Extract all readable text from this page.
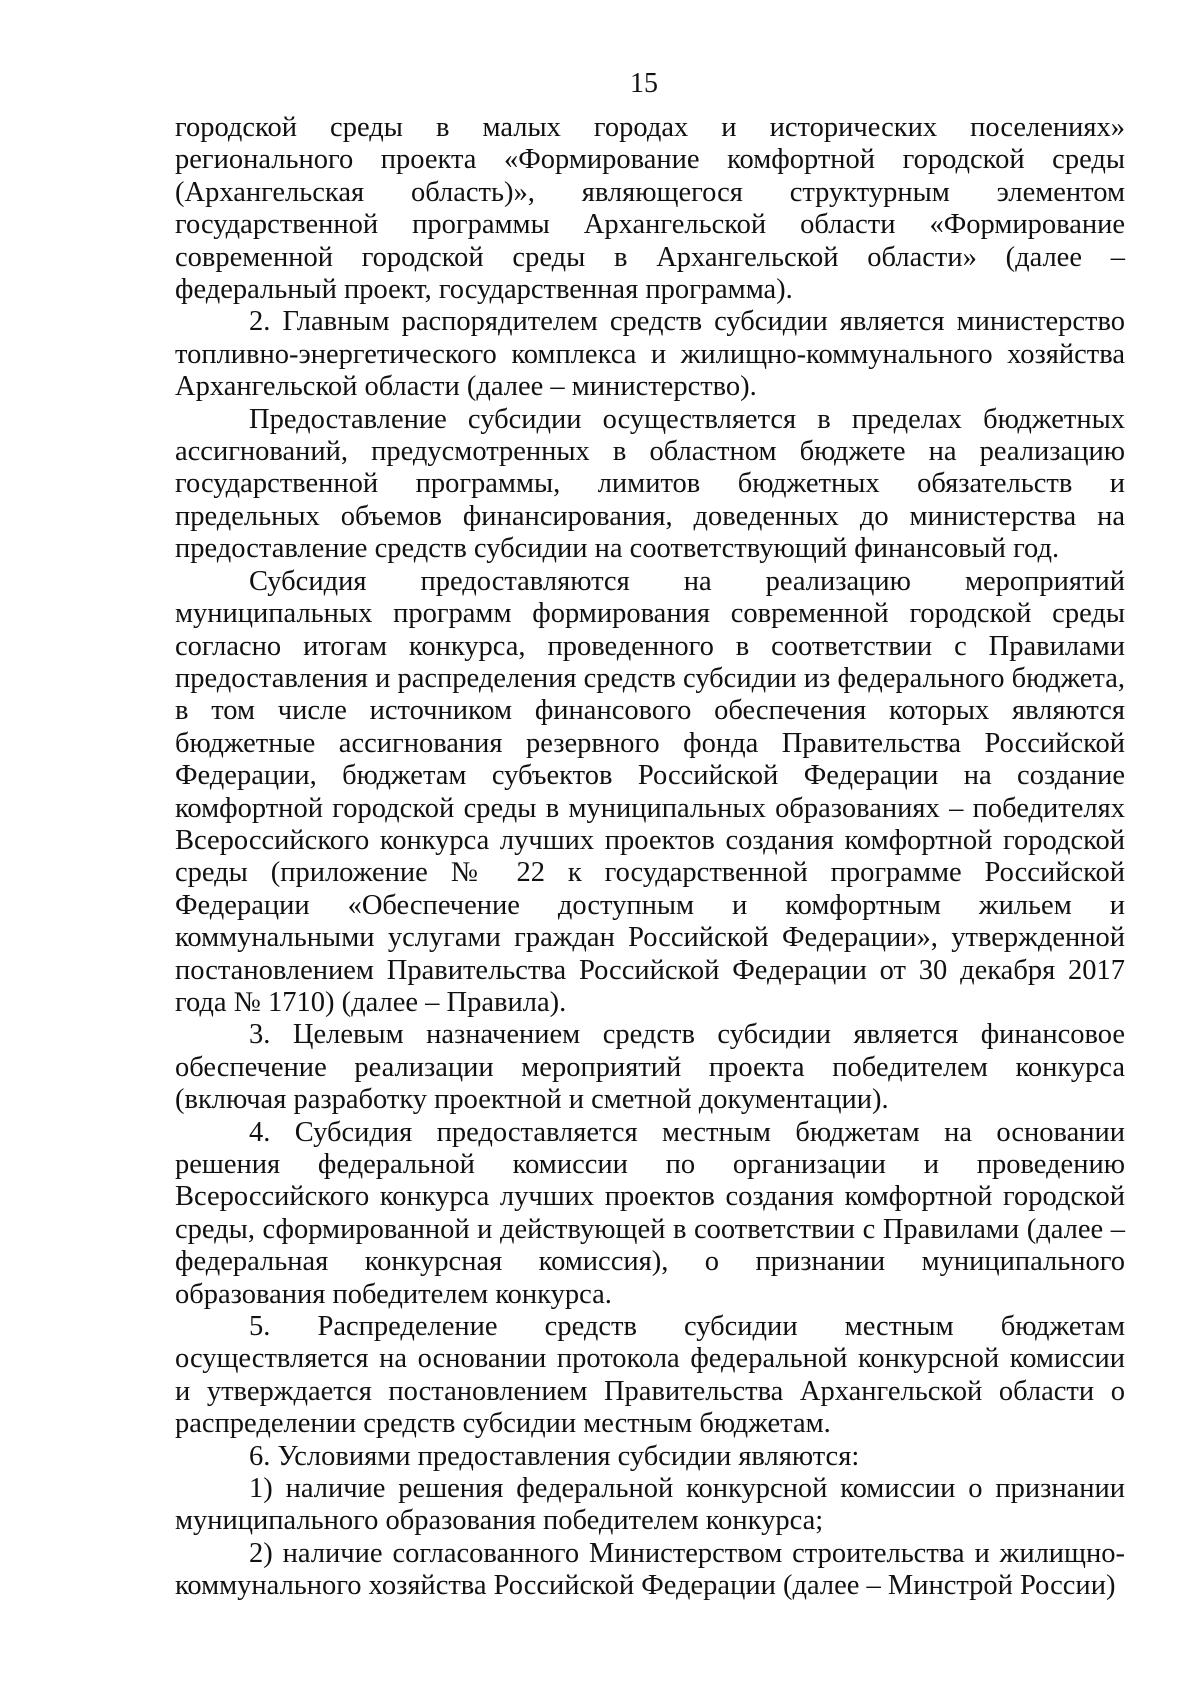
15

городской среды в малых городах и исторических поселениях» регионального проекта «Формирование комфортной городской среды (Архангельская область)», являющегося структурным элементом государственной программы Архангельской области «Формирование современной городской среды в Архангельской области» (далее – федеральный проект, государственная программа).

2. Главным распорядителем средств субсидии является министерство топливно-энергетического комплекса и жилищно-коммунального хозяйства Архангельской области (далее – министерство).

Предоставление субсидии осуществляется в пределах бюджетных ассигнований, предусмотренных в областном бюджете на реализацию государственной программы, лимитов бюджетных обязательств и предельных объемов финансирования, доведенных до министерства на предоставление средств субсидии на соответствующий финансовый год.

Субсидия предоставляются на реализацию мероприятий муниципальных программ формирования современной городской среды согласно итогам конкурса, проведенного в соответствии с Правилами предоставления и распределения средств субсидии из федерального бюджета, в том числе источником финансового обеспечения которых являются бюджетные ассигнования резервного фонда Правительства Российской Федерации, бюджетам субъектов Российской Федерации на создание комфортной городской среды в муниципальных образованиях – победителях Всероссийского конкурса лучших проектов создания комфортной городской среды (приложение № 22 к государственной программе Российской Федерации «Обеспечение доступным и комфортным жильем и коммунальными услугами граждан Российской Федерации», утвержденной постановлением Правительства Российской Федерации от 30 декабря 2017 года № 1710) (далее – Правила).

3. Целевым назначением средств субсидии является финансовое обеспечение реализации мероприятий проекта победителем конкурса (включая разработку проектной и сметной документации).

4. Субсидия предоставляется местным бюджетам на основании решения федеральной комиссии по организации и проведению Всероссийского конкурса лучших проектов создания комфортной городской среды, сформированной и действующей в соответствии с Правилами (далее – федеральная конкурсная комиссия), о признании муниципального образования победителем конкурса.

5. Распределение средств субсидии местным бюджетам осуществляется на основании протокола федеральной конкурсной комиссии и утверждается постановлением Правительства Архангельской области о распределении средств субсидии местным бюджетам.

6. Условиями предоставления субсидии являются:

1) наличие решения федеральной конкурсной комиссии о признании муниципального образования победителем конкурса;

2) наличие согласованного Министерством строительства и жилищно-коммунального хозяйства Российской Федерации (далее – Минстрой России)
